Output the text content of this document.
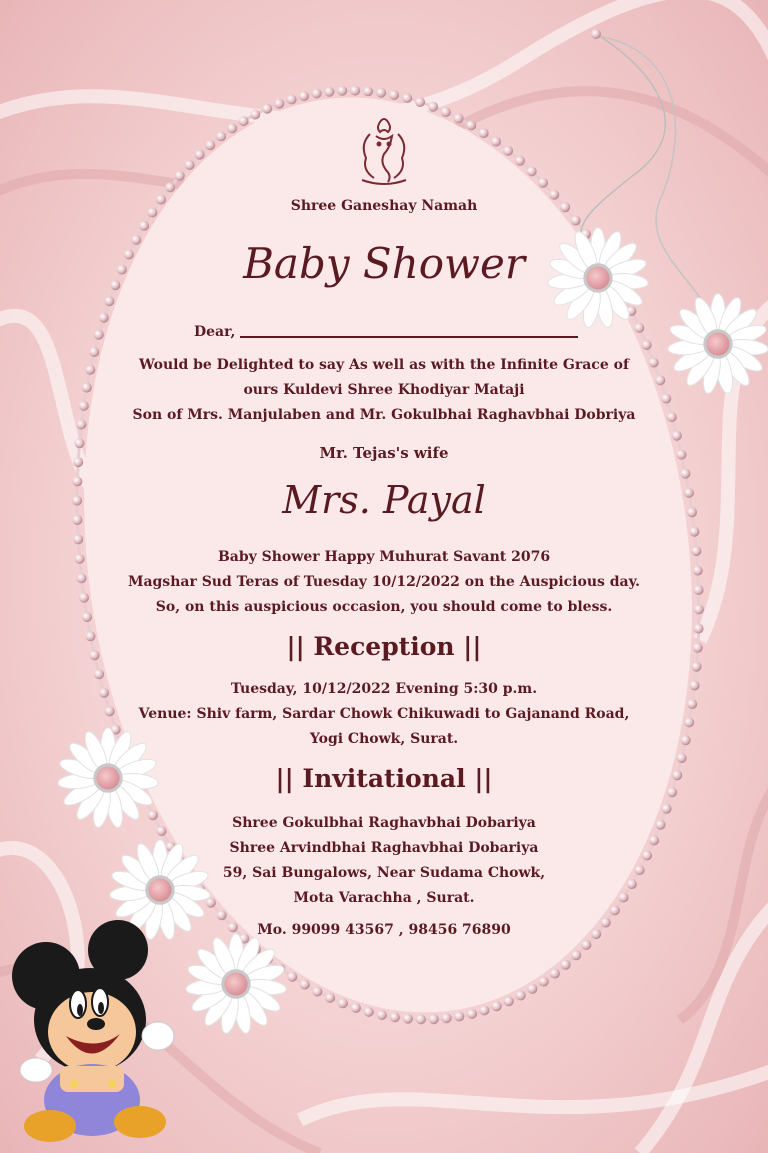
Shree Ganeshay Namah
Baby Shower
Dear,
Would be Delighted to say As well as with the Infinite Grace of
ours Kuldevi Shree Khodiyar Mataji
Son of Mrs. Manjulaben and Mr. Gokulbhai Raghavbhai Dobriya
Mr. Tejas's wife
Mrs. Payal
Baby Shower Happy Muhurat Savant 2076
Magshar Sud Teras of Tuesday 10/12/2022 on the Auspicious day.
So, on this auspicious occasion, you should come to bless.
|| Reception ||
Tuesday, 10/12/2022 Evening 5:30 p.m.
Venue: Shiv farm, Sardar Chowk Chikuwadi to Gajanand Road,
Yogi Chowk, Surat.
|| Invitational ||
Shree Gokulbhai Raghavbhai Dobariya
Shree Arvindbhai Raghavbhai Dobariya
59, Sai Bungalows, Near Sudama Chowk,
Mota Varachha , Surat.
Mo. 99099 43567 , 98456 76890
